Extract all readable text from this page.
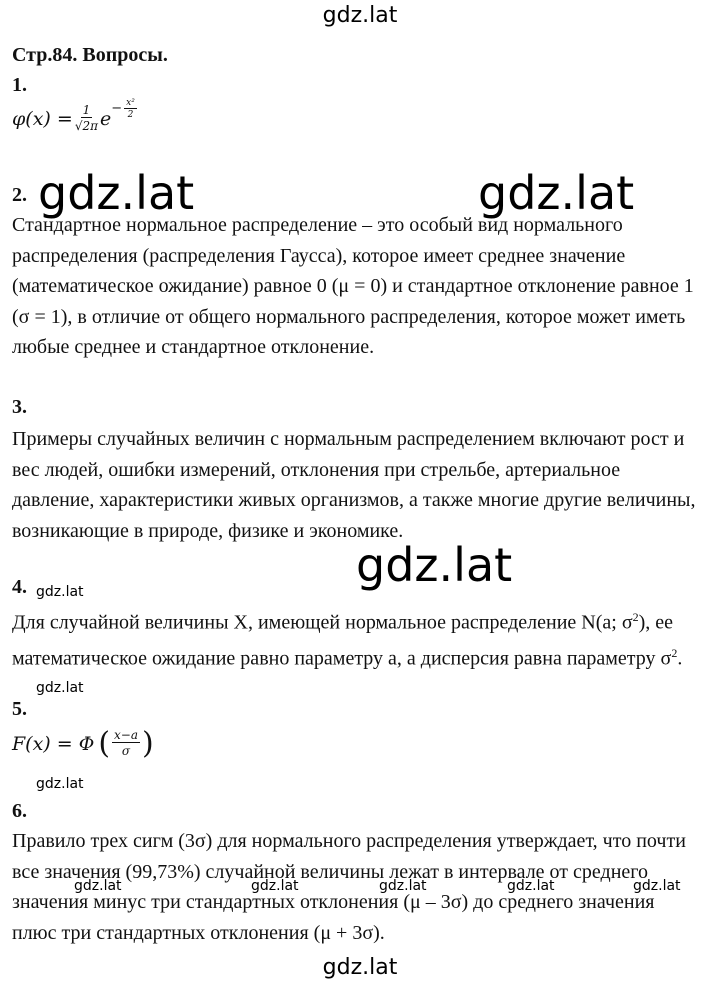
gdz.lat
gdz.lat	gdz.lat
gdz.lat
gdz.lat
gdz.lat
gdz.lat
gdz.lat	gdz.lat	gdz.lat	gdz.lat	gdz.lat
gdz.lat
Стр.84. Вопросы.
1.
$\varphi(x) = \frac{1}{√2\pi}$ $e - \frac{\text{x²}}{2}$
2.
Стандартное нормальное распределение – это особый вид нормального
распределения (распределения Гаусса), которое имеет среднее значение
(математическое ожидание) равное 0 (μ = 0) и стандартное отклонение равное 1
(σ = 1), в отличие от общего нормального распределения, которое может иметь
любые среднее и стандартное отклонение.
3.
Примеры случайных величин с нормальным распределением включают рост и
вес людей, ошибки измерений, отклонения при стрельбе, артериальное
давление, характеристики живых организмов, а также многие другие величины,
возникающие в природе, физике и экономике.
4.
Для случайной величины X, имеющей нормальное распределение N(a; $\sigma^2$), ее
математическое ожидание равно параметру a, а дисперсия равна параметру $\sigma^2$.
5.
F(x) = Φ ( $\frac{x-a}{\sigma}$ )
6.
Правило трех сигм (3σ) для нормального распределения утверждает, что почти
все значения (99,73%) случайной величины лежат в интервале от среднего
значения минус три стандартных отклонения (μ – 3σ) до среднего значения
плюс три стандартных отклонения (μ + 3σ).
